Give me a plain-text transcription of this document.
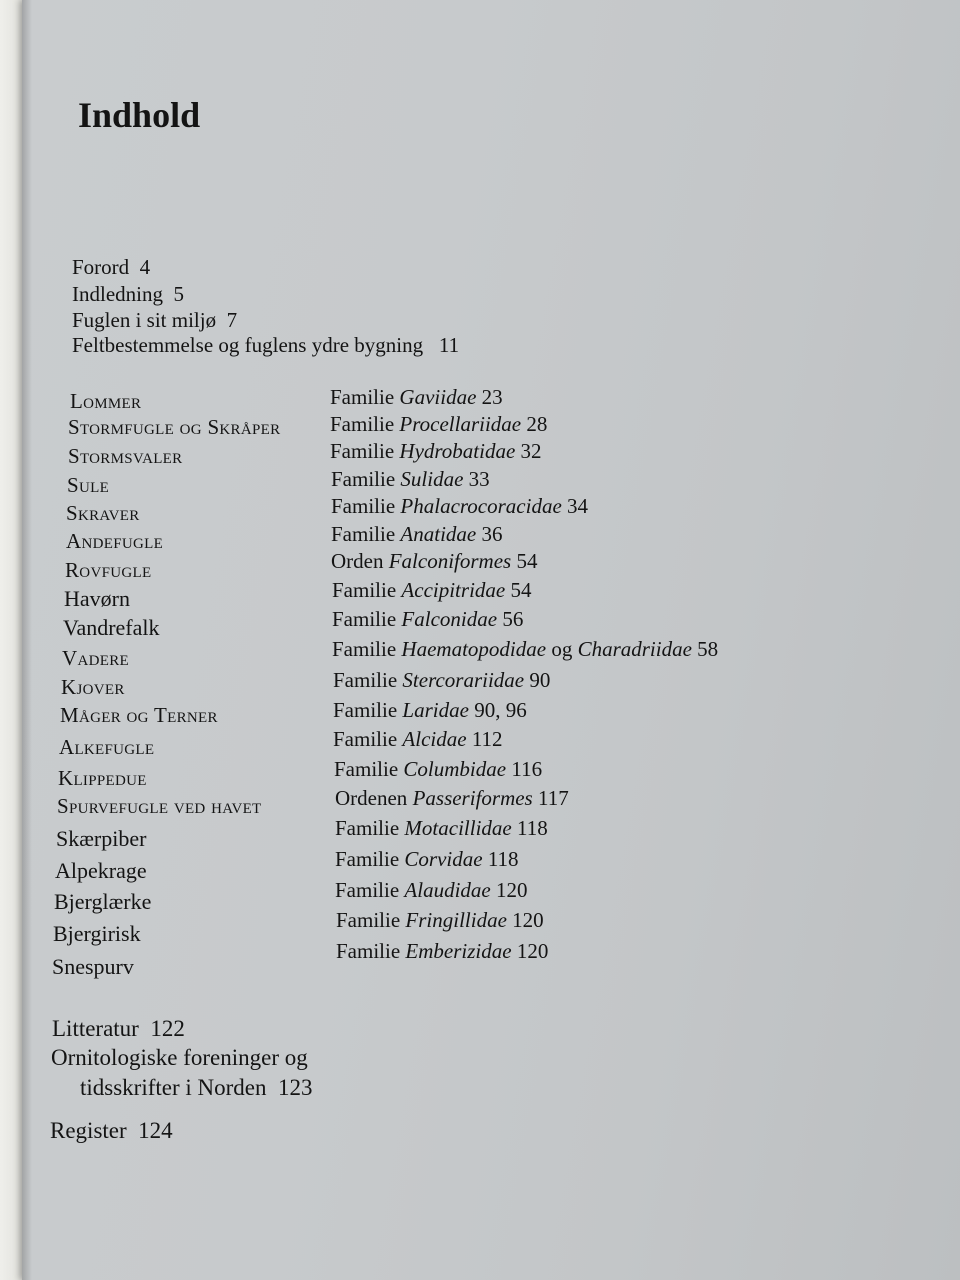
Indhold
Forord 4
Indledning 5
Fuglen i sit miljø 7
Feltbestemmelse og fuglens ydre bygning 11
Lommer
Stormfugle og Skråper
Stormsvaler
Sule
Skraver
Andefugle
Rovfugle
Havørn
Vandrefalk
Vadere
Kjover
Måger og Terner
Alkefugle
Klippedue
Spurvefugle ved havet
Skærpiber
Alpekrage
Bjerglærke
Bjergirisk
Snespurv
Familie Gaviidae 23
Familie Procellariidae 28
Familie Hydrobatidae 32
Familie Sulidae 33
Familie Phalacrocoracidae 34
Familie Anatidae 36
Orden Falconiformes 54
Familie Accipitridae 54
Familie Falconidae 56
Familie Haematopodidae og Charadriidae 58
Familie Stercorariidae 90
Familie Laridae 90, 96
Familie Alcidae 112
Familie Columbidae 116
Ordenen Passeriformes 117
Familie Motacillidae 118
Familie Corvidae 118
Familie Alaudidae 120
Familie Fringillidae 120
Familie Emberizidae 120
Litteratur 122
Ornitologiske foreninger og
tidsskrifter i Norden 123
Register 124
